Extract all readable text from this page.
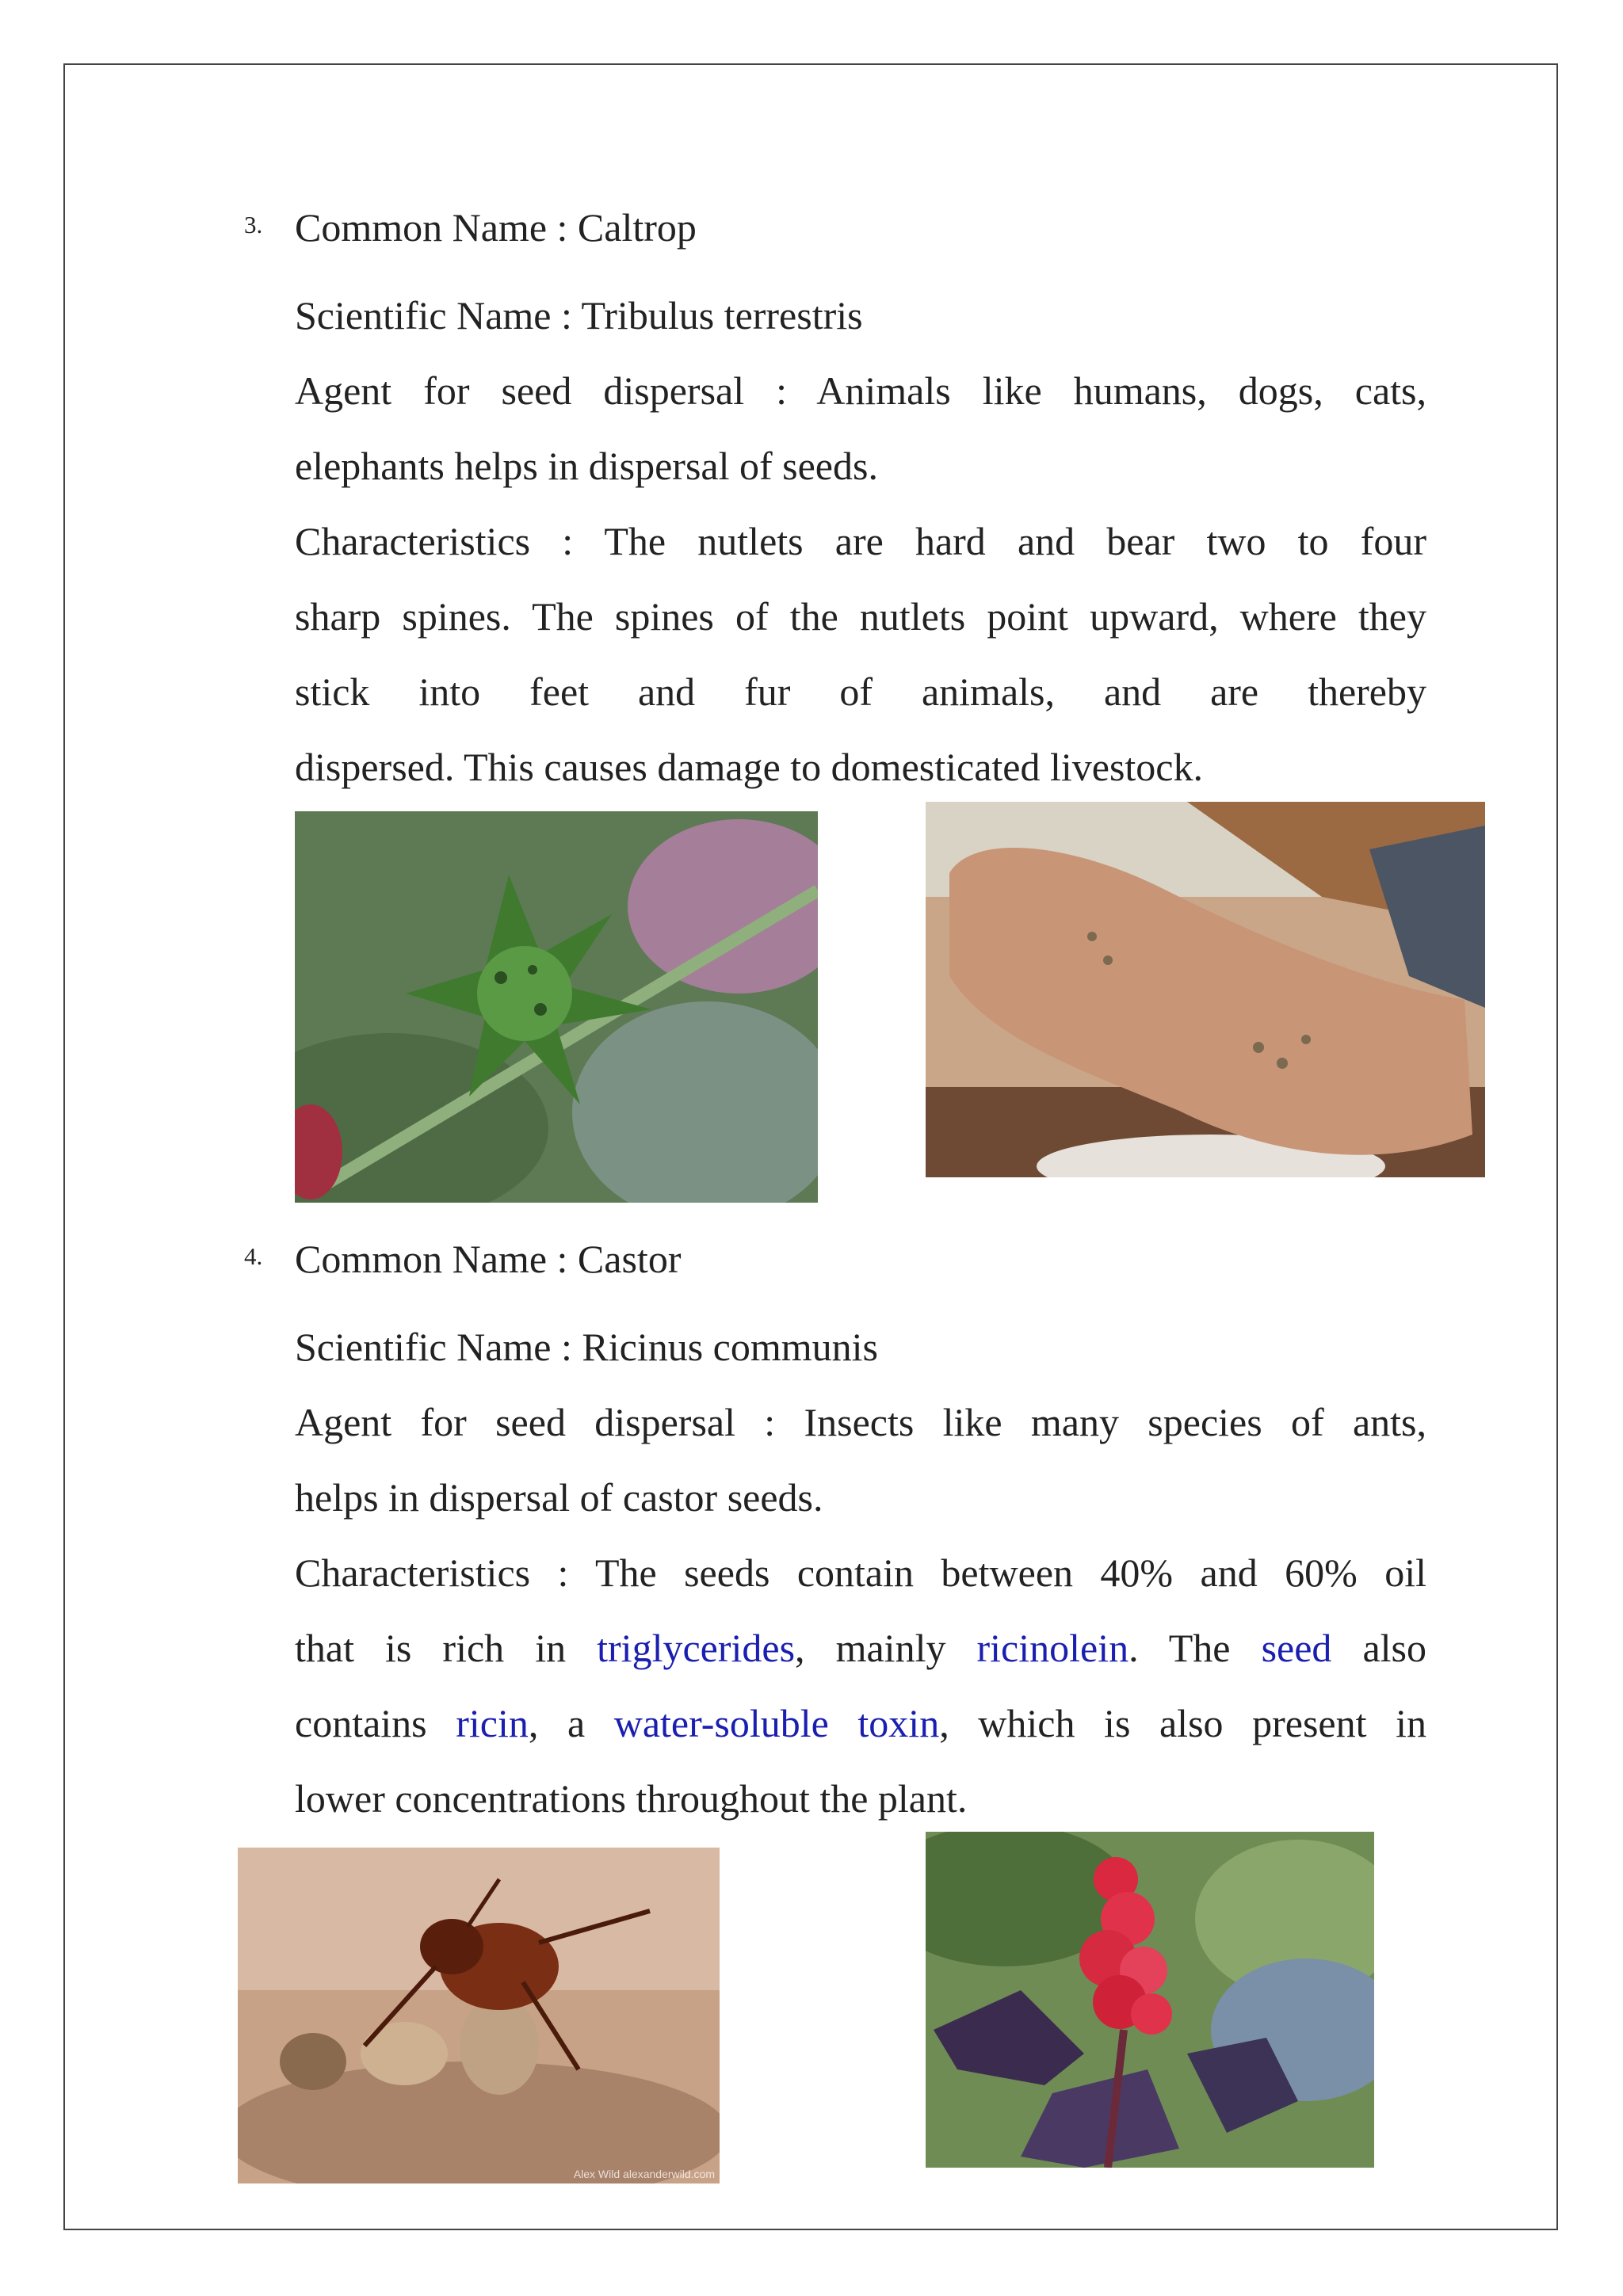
3. Common Name : Caltrop
Scientific Name : Tribulus terrestris
Agent for seed dispersal : Animals like humans, dogs, cats,
elephants helps in dispersal of seeds.
Characteristics : The nutlets are hard and bear two to four
sharp spines. The spines of the nutlets point upward, where they
stick into feet and fur of animals, and are thereby
dispersed. This causes damage to domesticated livestock.
4. Common Name : Castor
Scientific Name : Ricinus communis
Agent for seed dispersal : Insects like many species of ants,
helps in dispersal of castor seeds.
Characteristics : The seeds contain between 40% and 60% oil
that is rich in triglycerides, mainly ricinolein. The seed also
contains ricin, a water-soluble toxin, which is also present in
lower concentrations throughout the plant.
Alex Wild alexanderwild.com
